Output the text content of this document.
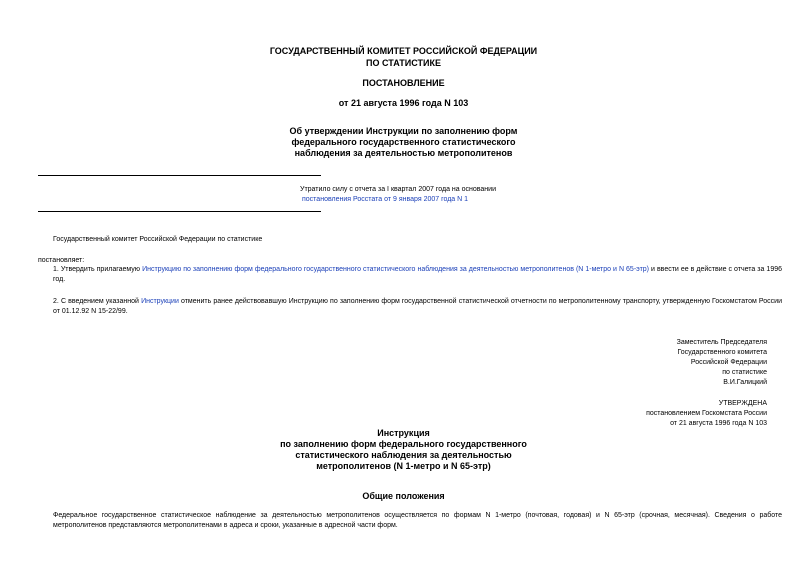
ГОСУДАРСТВЕННЫЙ КОМИТЕТ РОССИЙСКОЙ ФЕДЕРАЦИИ
ПО СТАТИСТИКЕ
ПОСТАНОВЛЕНИЕ
от 21 августа 1996 года N 103
Об утверждении Инструкции по заполнению форм
федерального государственного статистического
наблюдения за деятельностью метрополитенов
Утратило силу с отчета за I квартал 2007 года на основании
постановления Росстата от 9 января 2007 года N 1
Государственный комитет Российской Федерации по статистике
постановляет:
1. Утвердить прилагаемую Инструкцию по заполнению форм федерального государственного статистического наблюдения за деятельностью метрополитенов (N 1-метро и N 65-этр) и ввести ее в действие с отчета за 1996 год.
2. С введением указанной Инструкции отменить ранее действовавшую Инструкцию по заполнению форм государственной статистической отчетности по метрополитенному транспорту, утвержденную Госкомстатом России от 01.12.92 N 15-22/99.
Заместитель Председателя
Государственного комитета
Российской Федерации
по статистике
В.И.Галицкий
УТВЕРЖДЕНА
постановлением Госкомстата России
от 21 августа 1996 года N 103
Инструкция
по заполнению форм федерального государственного
статистического наблюдения за деятельностью
метрополитенов (N 1-метро и N 65-этр)
Общие положения
Федеральное государственное статистическое наблюдение за деятельностью метрополитенов осуществляется по формам N 1-метро (почтовая, годовая) и N 65-этр (срочная, месячная). Сведения о работе метрополитенов представляются метрополитенами в адреса и сроки, указанные в адресной части форм.
